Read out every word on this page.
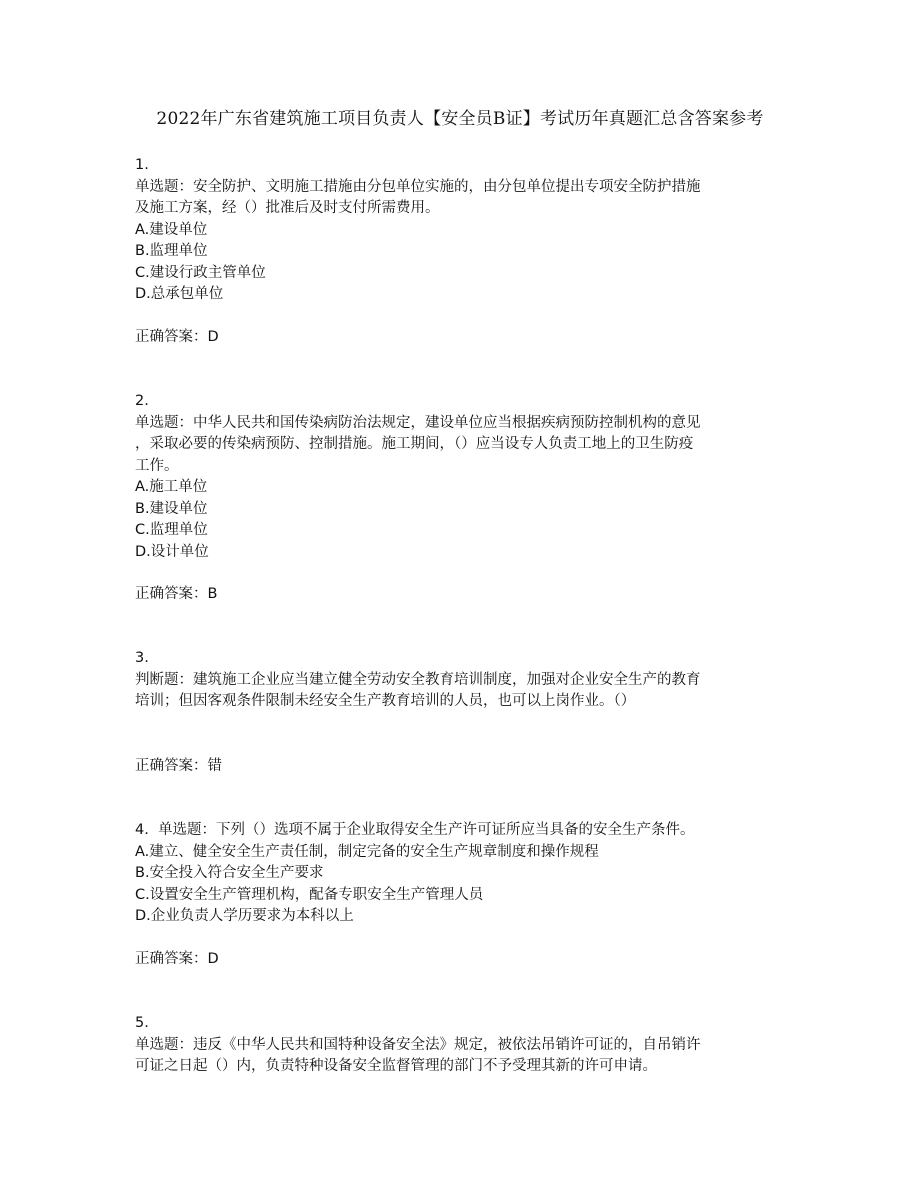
2022年广东省建筑施工项目负责人【安全员B证】考试历年真题汇总含答案参考
1.
单选题：安全防护、文明施工措施由分包单位实施的，由分包单位提出专项安全防护措施
及施工方案，经（）批准后及时支付所需费用。
A.建设单位
B.监理单位
C.建设行政主管单位
D.总承包单位
正确答案：D
2.
单选题：中华人民共和国传染病防治法规定，建设单位应当根据疾病预防控制机构的意见
，采取必要的传染病预防、控制措施。施工期间，（）应当设专人负责工地上的卫生防疫
工作。
A.施工单位
B.建设单位
C.监理单位
D.设计单位
正确答案：B
3.
判断题：建筑施工企业应当建立健全劳动安全教育培训制度，加强对企业安全生产的教育
培训；但因客观条件限制未经安全生产教育培训的人员，也可以上岗作业。（）
正确答案：错
4. 单选题：下列（）选项不属于企业取得安全生产许可证所应当具备的安全生产条件。
A.建立、健全安全生产责任制，制定完备的安全生产规章制度和操作规程
B.安全投入符合安全生产要求
C.设置安全生产管理机构，配备专职安全生产管理人员
D.企业负责人学历要求为本科以上
正确答案：D
5.
单选题：违反《中华人民共和国特种设备安全法》规定，被依法吊销许可证的，自吊销许
可证之日起（）内，负责特种设备安全监督管理的部门不予受理其新的许可申请。
